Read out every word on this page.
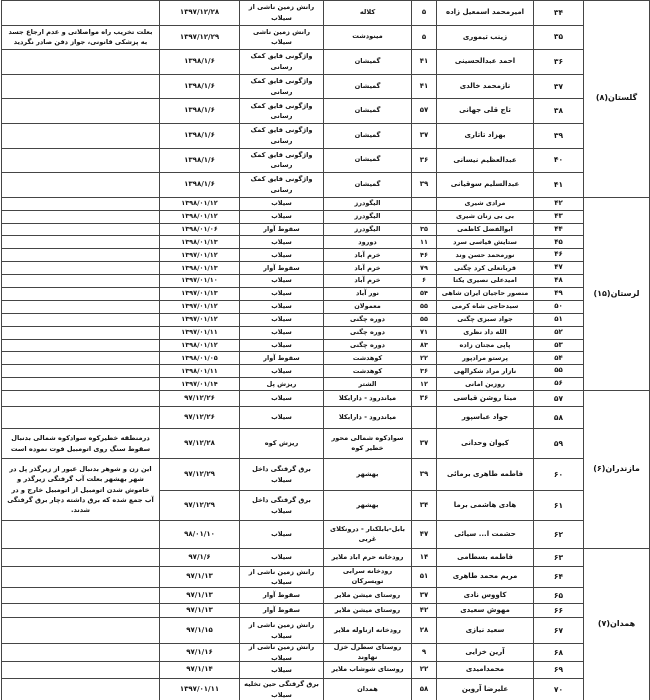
گلستان(۸)
لرستان(۱۵)
مازندران(۶)
همدان(۷)
۳۴
امیرمحمد اسمعیل زاده
۵
کلاله
رانش زمین ناشی از سیلاب
۱۳۹۷/۱۲/۲۸
۳۵
زینب تیموری
۵
مینودشت
رانش زمین ناشی سیلاب
۱۳۹۷/۱۲/۲۹
بعلت تخریب راه مواصلاتی و عدم ارجاع جسد به پزشکی قانونی، جواز دفن صادر نگردید
۳۶
احمد عبدالحسینی
۴۱
گمیشان
واژگونی قایق کمک رسانی
۱۳۹۸/۱/۶
۳۷
نازمحمد خالدی
۴۱
گمیشان
واژگونی قایق کمک رسانی
۱۳۹۸/۱/۶
۳۸
تاج قلی جهانی
۵۷
گمیشان
واژگونی قایق کمک رسانی
۱۳۹۸/۱/۶
۳۹
بهزاد تاتاری
۳۷
گمیشان
واژگونی قایق کمک رسانی
۱۳۹۸/۱/۶
۴۰
عبدالعظیم نیسانی
۳۶
گمیشان
واژگونی قایق کمک رسانی
۱۳۹۸/۱/۶
۴۱
عبدالسلیم سوقیانی
۳۹
گمیشان
واژگونی قایق کمک رسانی
۱۳۹۸/۱/۶
۴۲
مرادی شیری
الیگودرز
سیلاب
۱۳۹۸/۰۱/۱۲
۴۳
بی بی زنان شیری
الیگودرز
سیلاب
۱۳۹۸/۰۱/۱۲
۴۴
ابوالفضل کاظمی
۳۵
الیگودرز
سقوط آوار
۱۳۹۸/۰۱/۰۶
۴۵
ستایش قیاسی سرد
۱۱
دورود
سیلاب
۱۳۹۸/۰۱/۱۳
۴۶
نورمحمد حسن وند
۴۶
خرم آباد
سیلاب
۱۳۹۷/۰۱/۱۲
۴۷
قربانعلی کرد چگنی
۷۹
خرم آباد
سقوط آوار
۱۳۹۸/۰۱/۱۳
۴۸
امیدعلی نصیری یکتا
۶
خرم آباد
سیلاب
۱۳۹۷/۰۱/۱۰
۴۹
منصور حاجیان ایران شاهی
۵۴
نور آباد
سیلاب
۱۳۹۷/۰۱/۱۳
۵۰
سیدحاجی شاه کرمی
۵۵
معمولان
سیلاب
۱۳۹۷/۰۱/۱۲
۵۱
جواد سبزی چگنی
۵۵
دوره چگنی
سیلاب
۱۳۹۷/۰۱/۱۲
۵۲
الله داد نظری
۷۱
دوره چگنی
سیلاب
۱۳۹۷/۰۱/۱۱
۵۳
پاپی مجتان زاده
۸۳
دوره چگنی
سیلاب
۱۳۹۸/۰۱/۱۲
۵۴
پرستو مرادپور
۲۲
کوهدشت
سقوط آوار
۱۳۹۸/۰۱/۰۵
۵۵
نازار مراد شکرالهی
۳۶
کوهدشت
سیلاب
۱۳۹۸/۰۱/۱۱
۵۶
روزین امانی
۱۲
الشتر
ریزش پل
۱۳۹۷/۰۱/۱۴
۵۷
مینا روشن قیاسی
۳۶
میاندرود - دارابکلا
سیلاب
۹۷/۱۲/۲۶
۵۸
جواد عباسپور
میاندرود - دارابکلا
سیلاب
۹۷/۱۲/۲۶
۵۹
کیوان وحدانی
۳۷
سوادکوه شمالی محور خطیر کوه
ریزش کوه
۹۷/۱۲/۲۸
درمنطقه خطیرکوه سوادکوه شمالی بدنبال سقوط سنگ روی اتومبیل فوت نموده است
۶۰
فاطمه طاهری برمائی
۳۹
بهشهر
برق گرفتگی داخل سیلاب
۹۷/۱۲/۲۹
این زن و شوهر بدنبال عبور از زیرگذر پل در شهر بهشهر بعلت آب گرفتگی زیرگذر و خاموش شدن اتومبیل از اتومبیل خارج و در آب جمع شده که برق داشته دچار برق گرفتگی شدند.
۶۱
هادی هاشمی برما
۳۴
بهشهر
برق گرفتگی داخل سیلاب
۹۷/۱۲/۲۹
۶۲
حشمت ا... سیائی
۴۷
بابل-بابلکنار - درونکلای غربی
سیلاب
۹۸/۰۱/۱۰
۶۳
فاطمه بسطامی
۱۴
رودخانه حرم اباد ملایر
سیلاب
۹۷/۱/۶
۶۴
مریم محمد طاهری
۵۱
رودخانه سرابی تویسرکان
رانش زمین ناشی از سیلاب
۹۷/۱/۱۳
۶۵
کاووس نادی
۳۷
روستای میشن ملایر
سقوط آوار
۹۷/۱/۱۳
۶۶
مهوش سعیدی
۴۲
روستای میشن ملایر
سقوط آوار
۹۷/۱/۱۳
۶۷
سعید نیازی
۲۸
رودخانه ازناوله ملایر
رانش زمین ناشی از سیلاب
۹۷/۱/۱۵
۶۸
آرین خزایی
۹
روستای سطرل خزل نهاوند
رانش زمین ناشی از سیلاب
۹۷/۱/۱۶
۶۹
محمدامیدی
۲۲
روستای شوشاب ملایر
سیلاب
۹۷/۱/۱۴
۷۰
علیرضا آروین
۵۸
همدان
برق گرفتگی حین تخلیه سیلاب
۱۳۹۷/۰۱/۱۱
